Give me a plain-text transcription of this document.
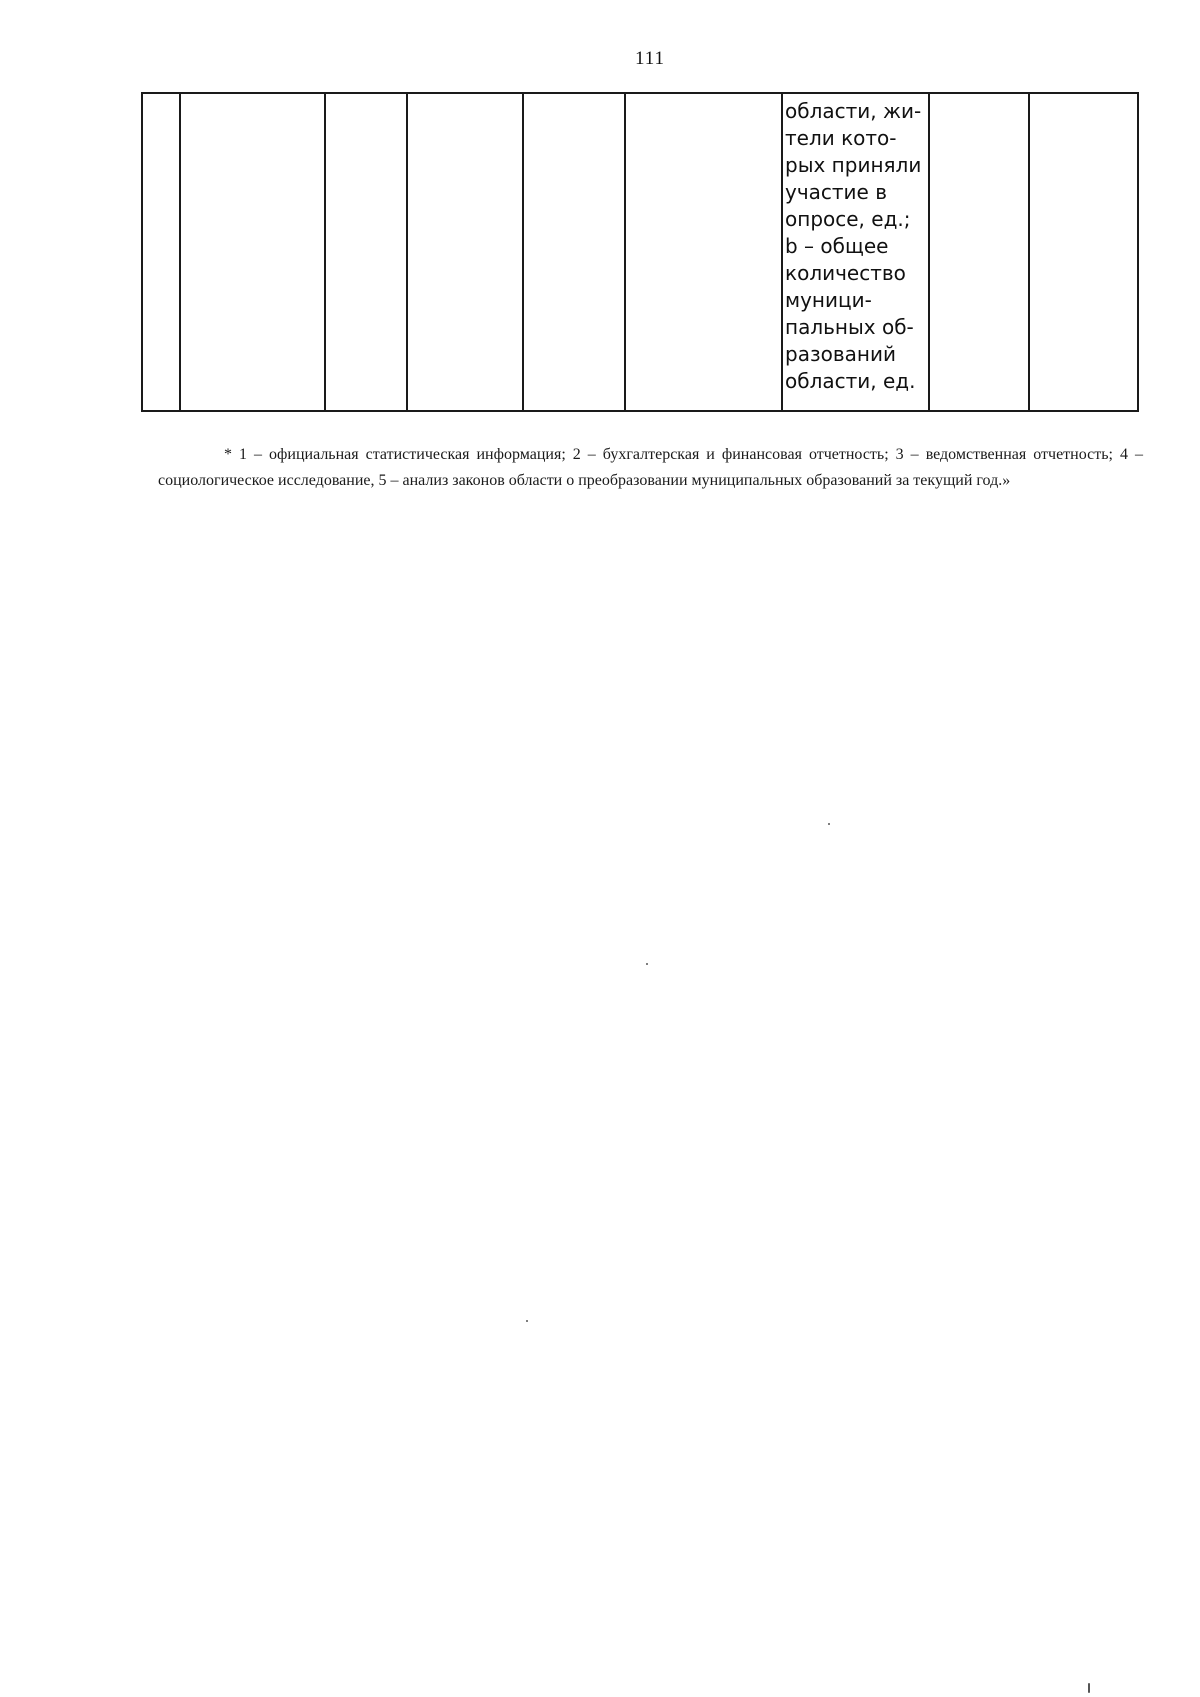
111
						области, жи-
тели кото-
рых приняли
участие в
опросе, ед.;
b – общее
количество
муници-
пальных об-
разований
области, ед.		
* 1 – официальная статистическая информация; 2 – бухгалтерская и финансовая отчетность; 3 – ведомственная отчетность; 4 – социологическое исследование, 5 – анализ законов области о преобразовании муниципальных образований за текущий год.»
